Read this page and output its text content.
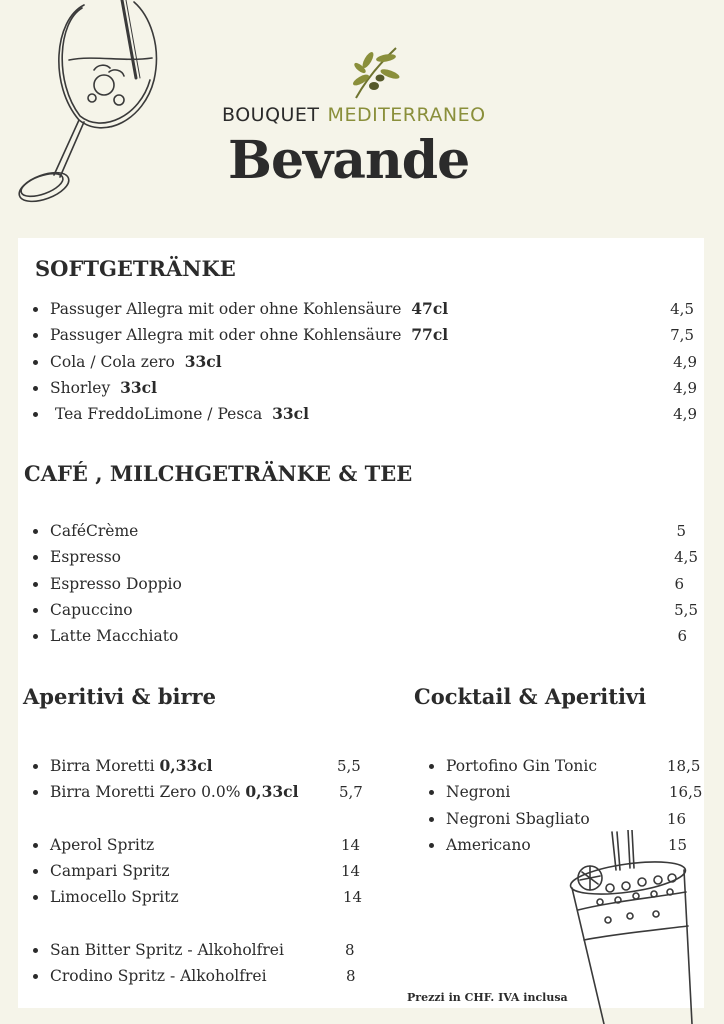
BOUQUET MEDITERRANEO
Bevande
SOFTGETRÄNKE
Passuger Allegra mit oder ohne Kohlensäure 47cl	4,5
Passuger Allegra mit oder ohne Kohlensäure 77cl	7,5
Cola / Cola zero 33cl	4,9
Shorley 33cl	4,9
Tea FreddoLimone / Pesca 33cl	4,9
CAFÉ , MILCHGETRÄNKE & TEE
CaféCrème	5
Espresso	4,5
Espresso Doppio	6
Capuccino	5,5
Latte Macchiato	6
Aperitivi & birre
Birra Moretti 0,33cl	5,5
Birra Moretti Zero 0.0% 0,33cl	5,7
Aperol Spritz	14
Campari Spritz	14
Limocello Spritz	14
San Bitter Spritz - Alkoholfrei	8
Crodino Spritz - Alkoholfrei	8
Cocktail & Aperitivi
Portofino Gin Tonic	18,5
Negroni	16,5
Negroni Sbagliato	16
Americano	15
Prezzi in CHF. IVA inclusa
